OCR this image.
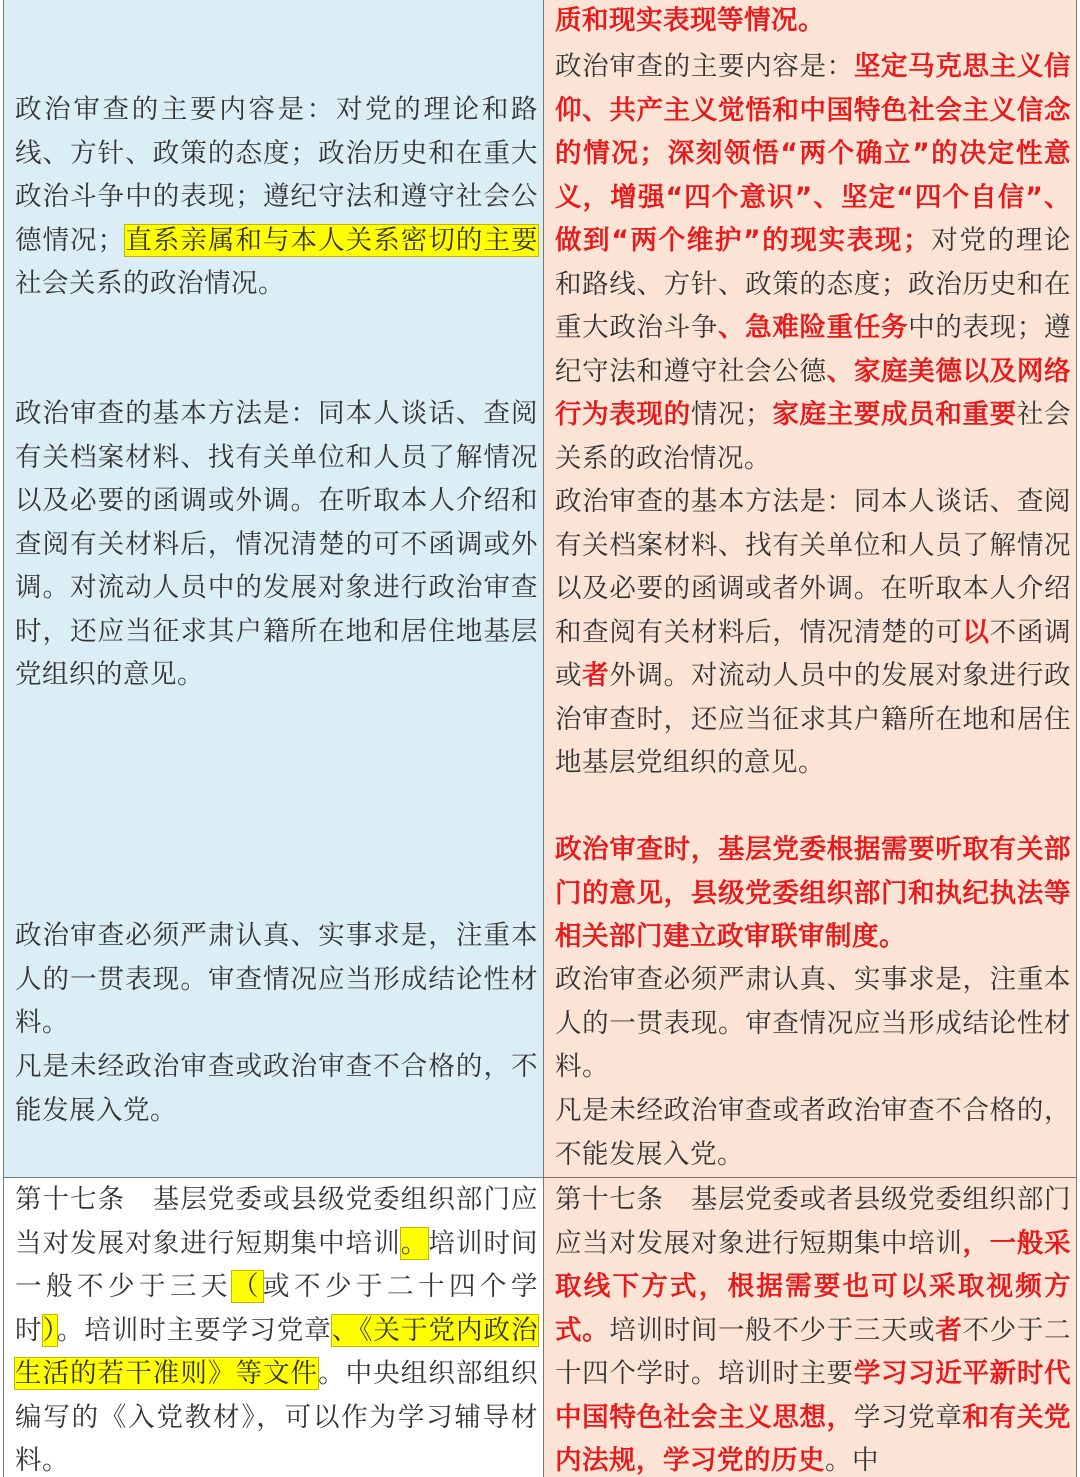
政治审查的主要内容是：对党的理论和路线、方针、政策的态度；政治历史和在重大政治斗争中的表现；遵纪守法和遵守社会公德情况；直系亲属和与本人关系密切的主要社会关系的政治情况。

政治审查的基本方法是：同本人谈话、查阅有关档案材料、找有关单位和人员了解情况以及必要的函调或外调。在听取本人介绍和查阅有关材料后，情况清楚的可不函调或外调。对流动人员中的发展对象进行政治审查时，还应当征求其户籍所在地和居住地基层党组织的意见。

政治审查必须严肃认真、实事求是，注重本人的一贯表现。审查情况应当形成结论性材料。

凡是未经政治审查或政治审查不合格的，不能发展入党。

质和现实表现等情况。

政治审查的主要内容是：坚定马克思主义信仰、共产主义觉悟和中国特色社会主义信念的情况；深刻领悟“两个确立”的决定性意义，增强“四个意识”、坚定“四个自信”、做到“两个维护”的现实表现；对党的理论和路线、方针、政策的态度；政治历史和在重大政治斗争、急难险重任务中的表现；遵纪守法和遵守社会公德、家庭美德以及网络行为表现的情况；家庭主要成员和重要社会关系的政治情况。

政治审查的基本方法是：同本人谈话、查阅有关档案材料、找有关单位和人员了解情况以及必要的函调或者外调。在听取本人介绍和查阅有关材料后，情况清楚的可以不函调或者外调。对流动人员中的发展对象进行政治审查时，还应当征求其户籍所在地和居住地基层党组织的意见。

政治审查时，基层党委根据需要听取有关部门的意见，县级党委组织部门和执纪执法等相关部门建立政审联审制度。

政治审查必须严肃认真、实事求是，注重本人的一贯表现。审查情况应当形成结论性材料。

凡是未经政治审查或者政治审查不合格的，不能发展入党。

第十七条　基层党委或县级党委组织部门应当对发展对象进行短期集中培训。培训时间一般不少于三天（或不少于二十四个学时）。培训时主要学习党章、《关于党内政治生活的若干准则》等文件。中央组织部组织编写的《入党教材》，可以作为学习辅导材料。

第十七条　基层党委或者县级党委组织部门应当对发展对象进行短期集中培训，一般采取线下方式，根据需要也可以采取视频方式。培训时间一般不少于三天或者不少于二十四个学时。培训时主要学习习近平新时代中国特色社会主义思想，学习党章和有关党内法规，学习党的历史。中
